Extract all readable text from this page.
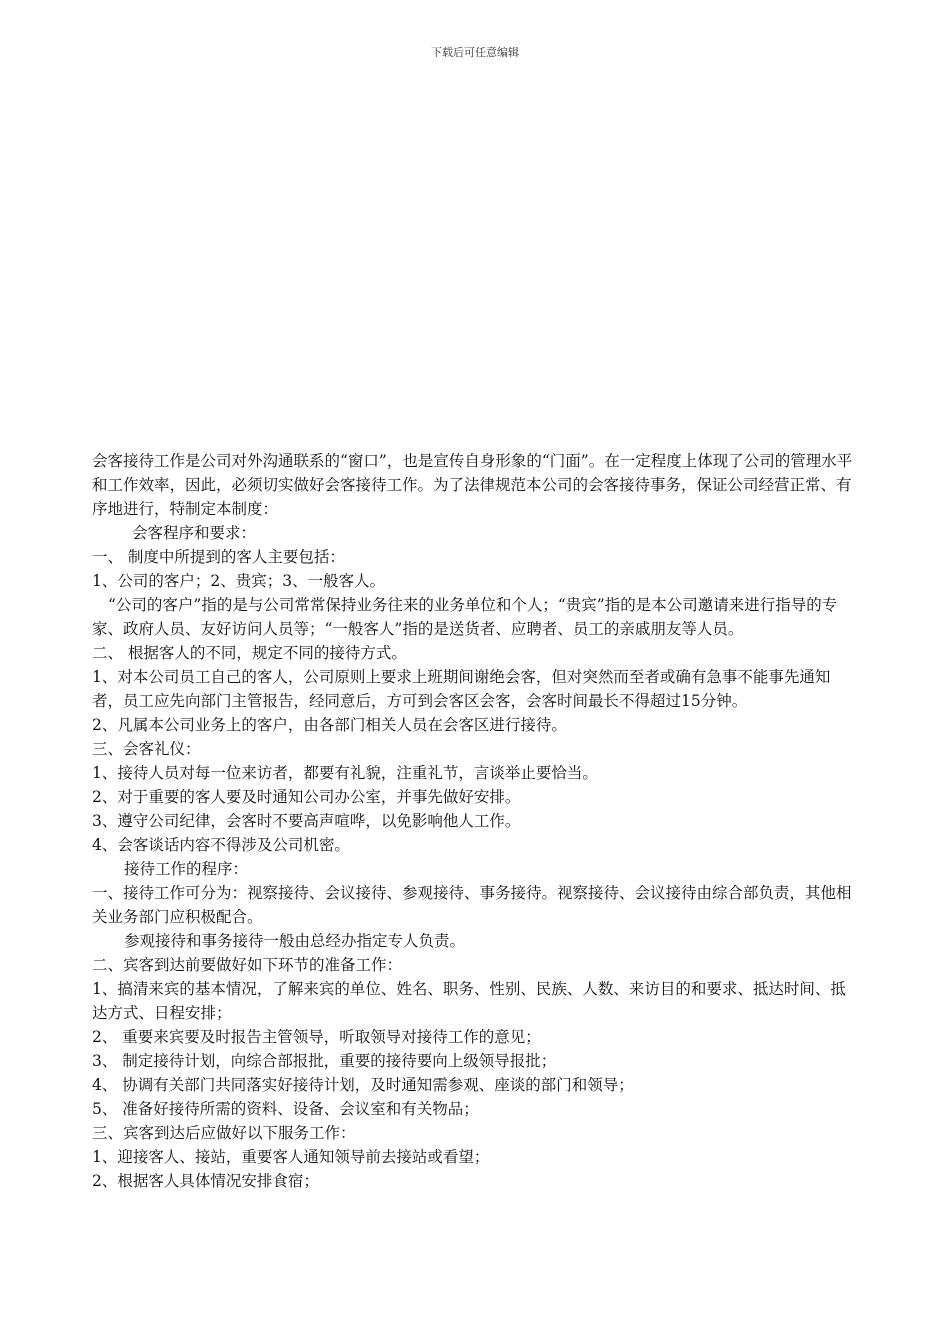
下载后可任意编辑

会客接待工作是公司对外沟通联系的“窗口”，也是宣传自身形象的“门面”。在一定程度上体现了公司的管理水平和工作效率，因此，必须切实做好会客接待工作。为了法律规范本公司的会客接待事务，保证公司经营正常、有序地进行，特制定本制度：

会客程序和要求：

一、 制度中所提到的客人主要包括：

1、公司的客户；2、贵宾；3、一般客人。

“公司的客户”指的是与公司常常保持业务往来的业务单位和个人；“贵宾”指的是本公司邀请来进行指导的专家、政府人员、友好访问人员等；“一般客人”指的是送货者、应聘者、员工的亲戚朋友等人员。

二、 根据客人的不同，规定不同的接待方式。

1、对本公司员工自己的客人，公司原则上要求上班期间谢绝会客，但对突然而至者或确有急事不能事先通知者，员工应先向部门主管报告，经同意后，方可到会客区会客，会客时间最长不得超过15分钟。

2、凡属本公司业务上的客户，由各部门相关人员在会客区进行接待。

三、会客礼仪：

1、接待人员对每一位来访者，都要有礼貌，注重礼节，言谈举止要恰当。

2、对于重要的客人要及时通知公司办公室，并事先做好安排。

3、遵守公司纪律，会客时不要高声喧哗，以免影响他人工作。

4、会客谈话内容不得涉及公司机密。

接待工作的程序：

一、接待工作可分为：视察接待、会议接待、参观接待、事务接待。视察接待、会议接待由综合部负责，其他相关业务部门应积极配合。

参观接待和事务接待一般由总经办指定专人负责。

二、宾客到达前要做好如下环节的准备工作：

1、搞清来宾的基本情况，了解来宾的单位、姓名、职务、性别、民族、人数、来访目的和要求、抵达时间、抵达方式、日程安排；

2、 重要来宾要及时报告主管领导，听取领导对接待工作的意见；

3、 制定接待计划，向综合部报批，重要的接待要向上级领导报批；

4、 协调有关部门共同落实好接待计划，及时通知需参观、座谈的部门和领导；

5、 准备好接待所需的资料、设备、会议室和有关物品；

三、宾客到达后应做好以下服务工作：

1、迎接客人、接站，重要客人通知领导前去接站或看望；

2、根据客人具体情况安排食宿；
